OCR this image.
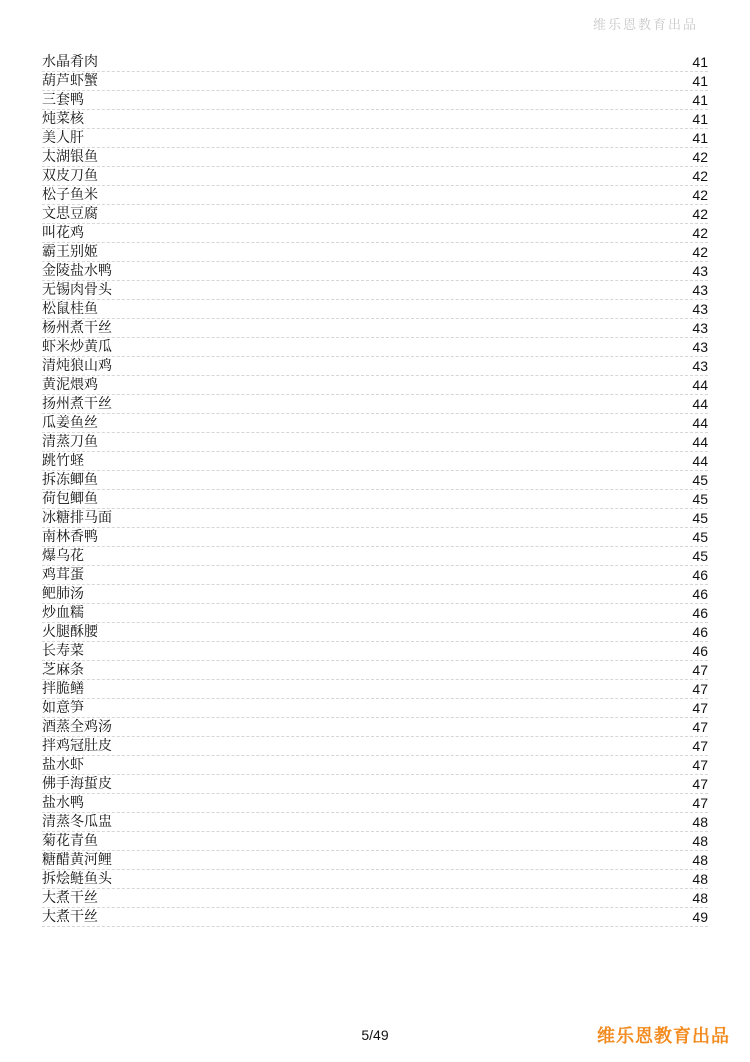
维乐恩教育出品
水晶肴肉	41
葫芦虾蟹	41
三套鸭	41
炖菜核	41
美人肝	41
太湖银鱼	42
双皮刀鱼	42
松子鱼米	42
文思豆腐	42
叫花鸡	42
霸王别姬	42
金陵盐水鸭	43
无锡肉骨头	43
松鼠桂鱼	43
杨州煮干丝	43
虾米炒黄瓜	43
清炖狼山鸡	43
黄泥煨鸡	44
扬州煮干丝	44
瓜姜鱼丝	44
清蒸刀鱼	44
跳竹蛏	44
拆冻鲫鱼	45
荷包鲫鱼	45
冰糖排马面	45
南林香鸭	45
爆乌花	45
鸡茸蛋	46
鲃肺汤	46
炒血糯	46
火腿酥腰	46
长寿菜	46
芝麻条	47
拌脆鳝	47
如意笋	47
酒蒸全鸡汤	47
拌鸡冠肚皮	47
盐水虾	47
佛手海蜇皮	47
盐水鸭	47
清蒸冬瓜盅	48
菊花青鱼	48
糖醋黄河鲤	48
拆烩鲢鱼头	48
大煮干丝	48
大煮干丝	49
5/49	维乐恩教育出品
